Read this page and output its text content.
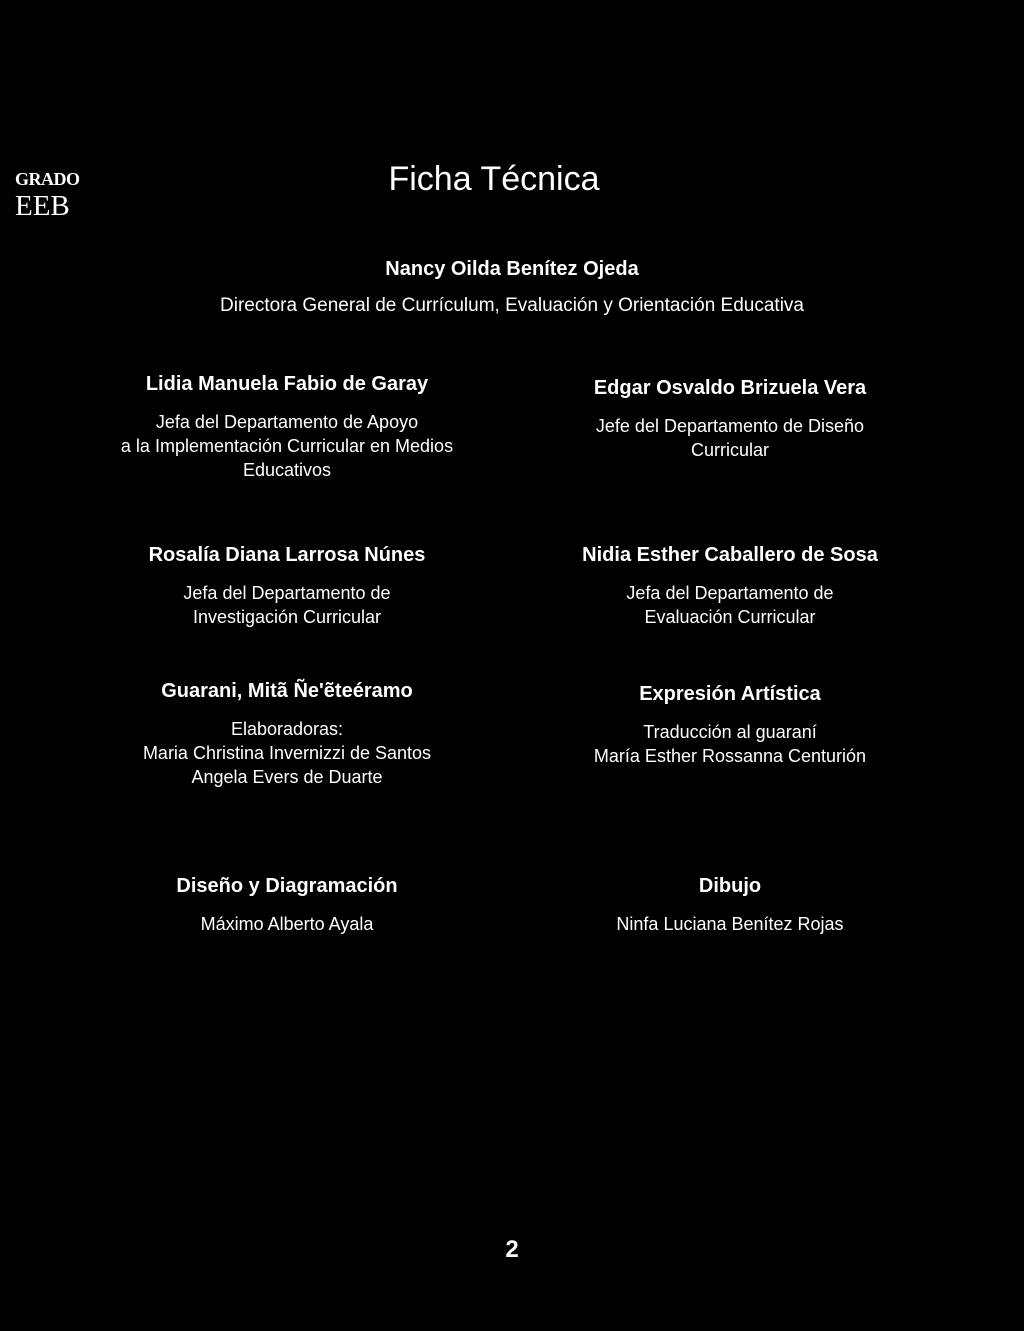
GRADO
EEB
Ficha Técnica
Nancy Oilda Benítez Ojeda
Directora General de Currículum, Evaluación y Orientación Educativa
Lidia Manuela Fabio de Garay
Jefa del Departamento de Apoyo
a la Implementación Curricular en Medios
Educativos
Edgar Osvaldo Brizuela Vera
Jefe del Departamento de Diseño
Curricular
Rosalía Diana Larrosa Núnes
Jefa del Departamento de
Investigación Curricular
Nidia Esther Caballero de Sosa
Jefa del Departamento de
Evaluación Curricular
Guarani, Mitã Ñe'ẽteéramo
Elaboradoras:
Maria Christina Invernizzi de Santos
Angela Evers de Duarte
Expresión Artística
Traducción al guaraní
María Esther Rossanna Centurión
Diseño y Diagramación
Máximo Alberto Ayala
Dibujo
Ninfa Luciana Benítez Rojas
2
